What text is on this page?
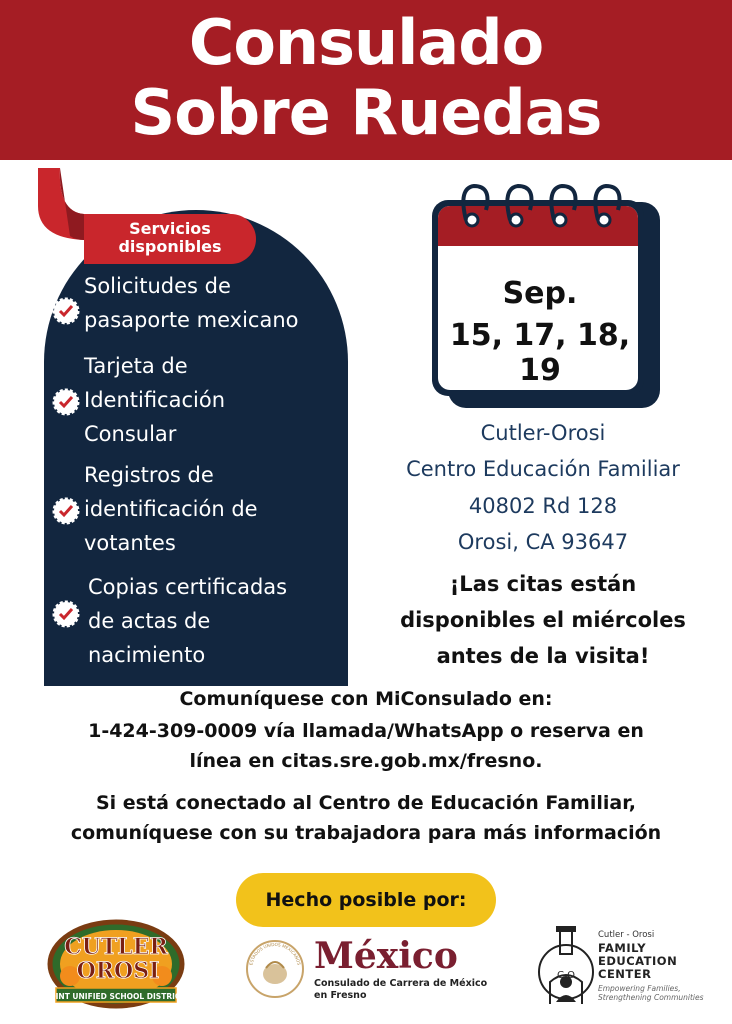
Consulado
Sobre Ruedas
Servicios
disponibles
Solicitudes de
pasaporte mexicano
Tarjeta de
Identificación
Consular
Registros de
identificación de
votantes
Copias certificadas
de actas de
nacimiento
Sep.
15, 17, 18, 19
Cutler-Orosi
Centro Educación Familiar
40802 Rd 128
Orosi, CA 93647
¡Las citas están
disponibles el miércoles
antes de la visita!
Comuníquese con MiConsulado en:
1-424-309-0009 vía llamada/WhatsApp o reserva en
línea en citas.sre.gob.mx/fresno.
Si está conectado al Centro de Educación Familiar,
comuníquese con su trabajadora para más información
Hecho posible por:
CUTLER
OROSI
JOINT UNIFIED SCHOOL DISTRICT
ESTADOS UNIDOS MEXICANOS México
Consulado de Carrera de México
en Fresno
C O
Cutler - Orosi
FAMILY
EDUCATION
CENTER
Empowering Families,
Strengthening Communities
